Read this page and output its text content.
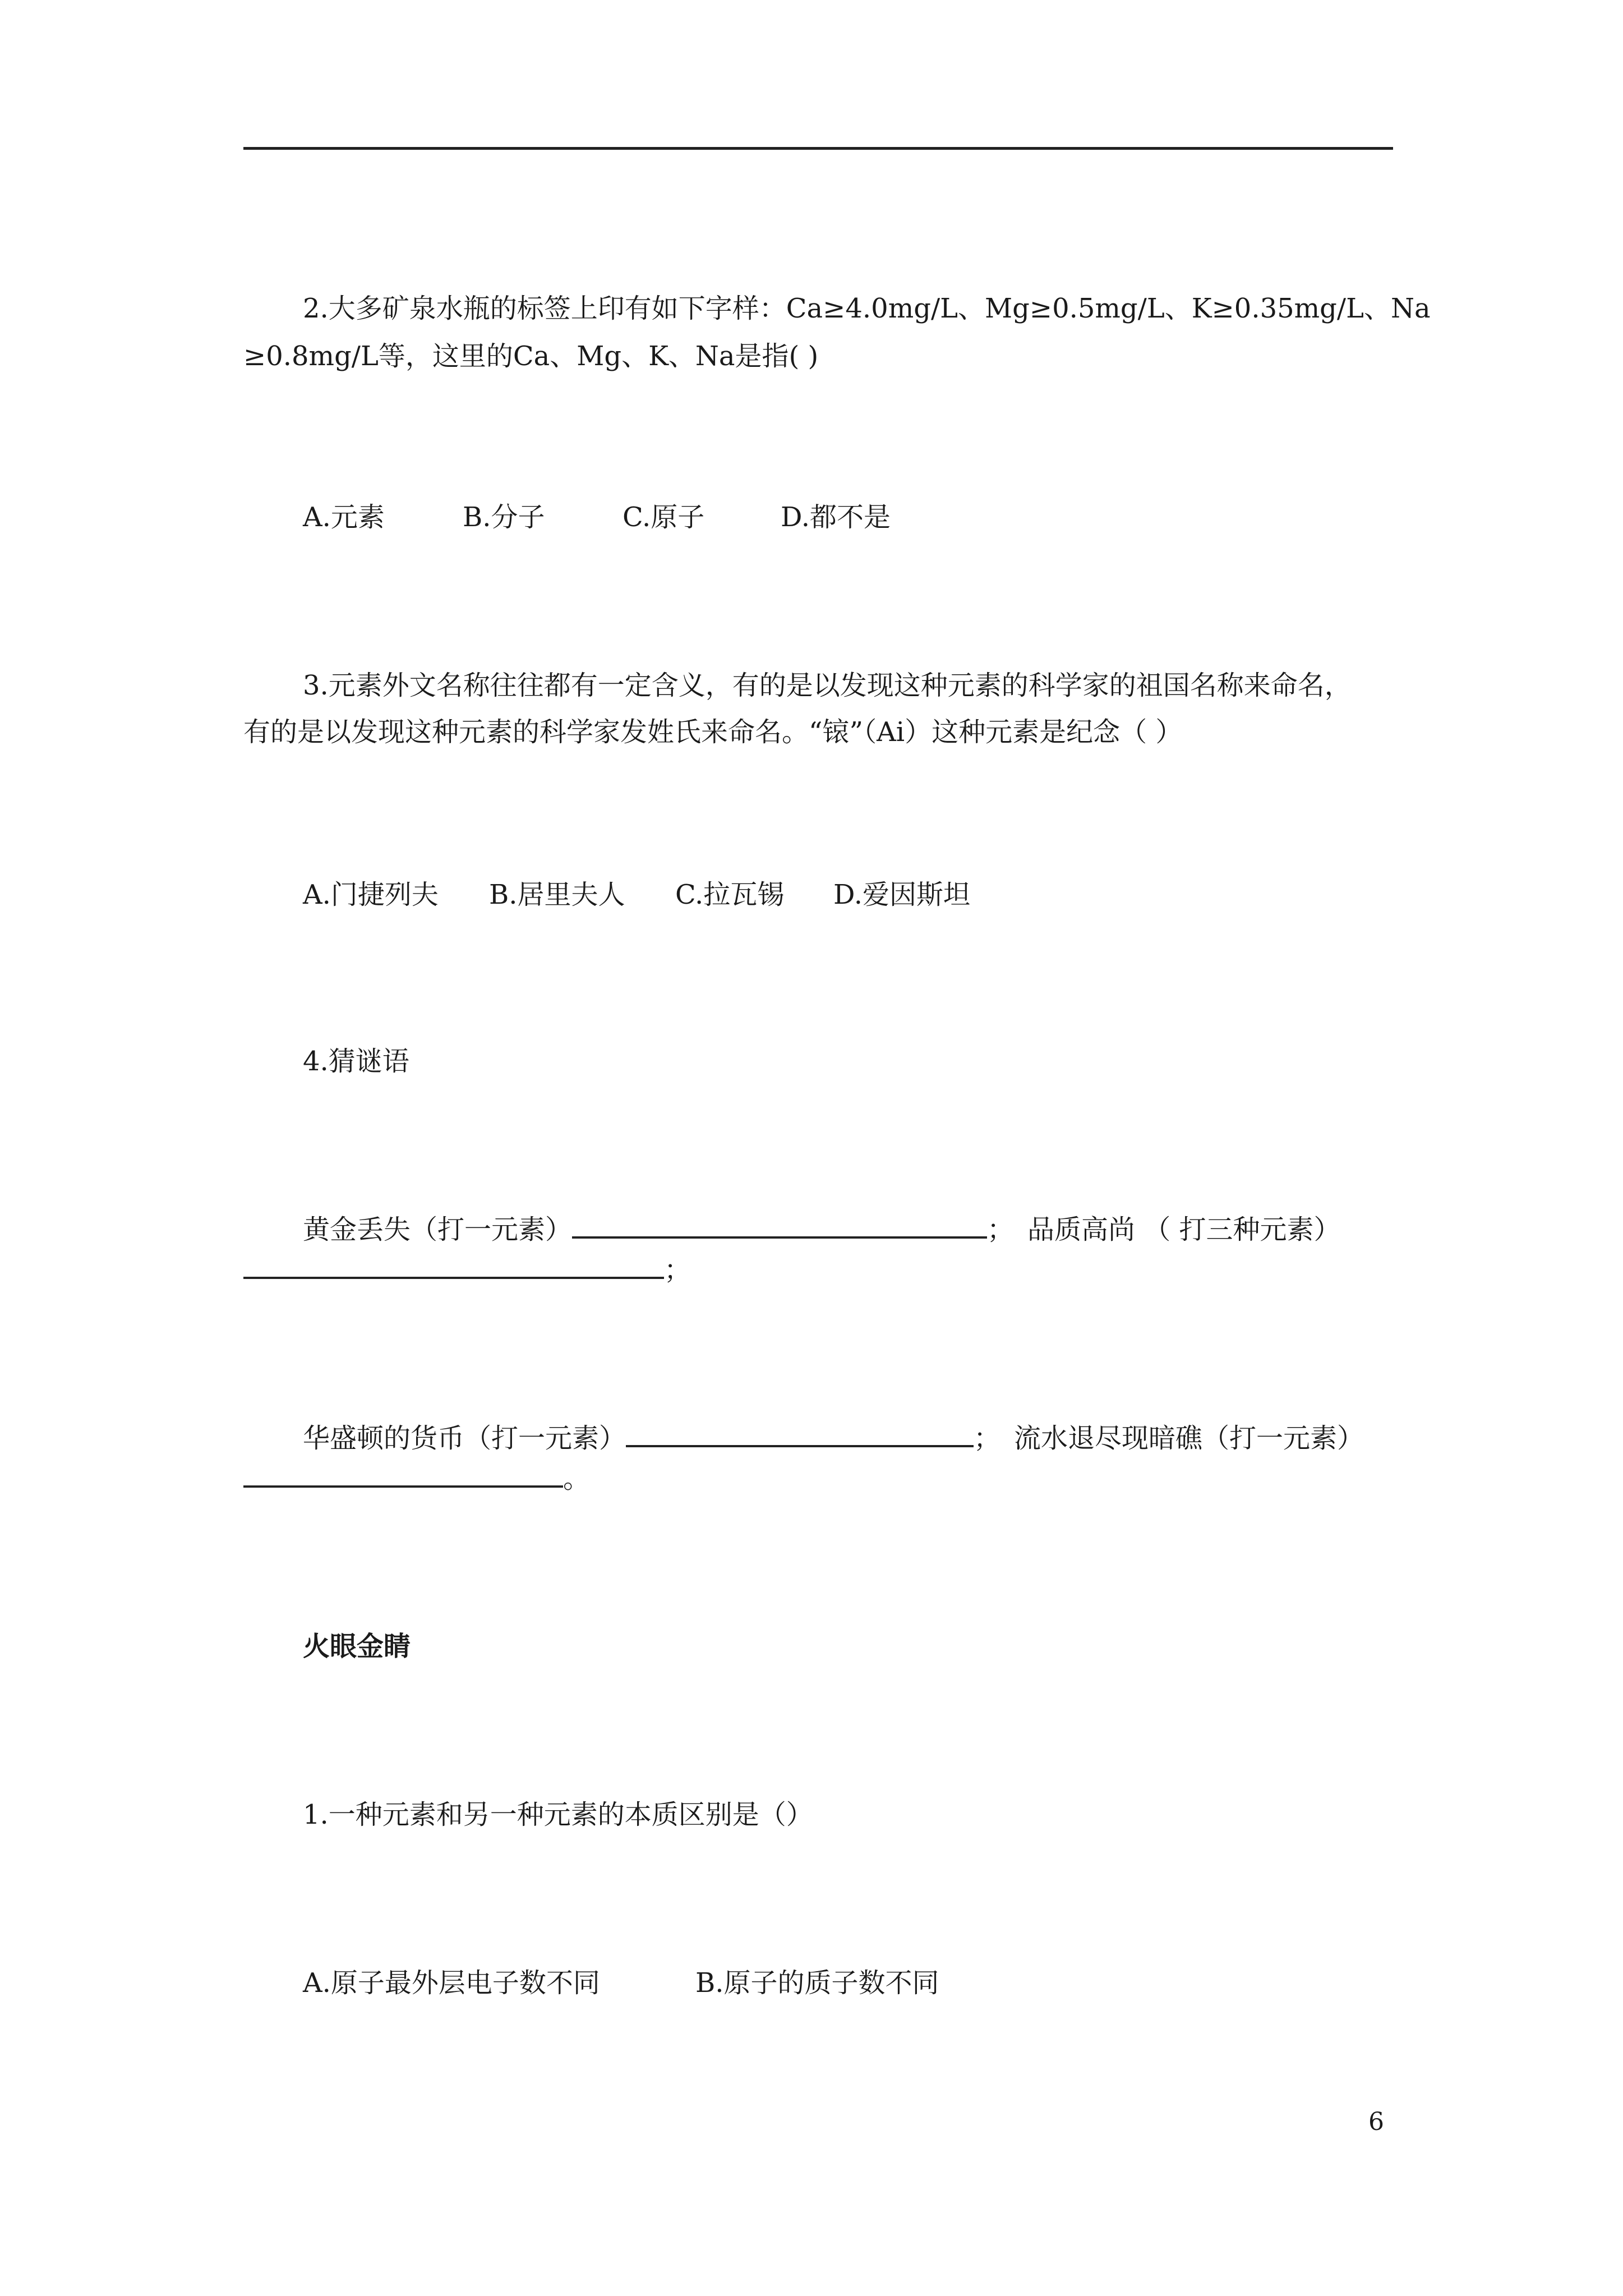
2.大多矿泉水瓶的标签上印有如下字样：Ca≥4.0mg/L、Mg≥0.5mg/L、K≥0.35mg/L、Na
≥0.8mg/L等，这里的Ca、Mg、K、Na是指( )
A.元素	B.分子	C.原子	D.都不是
3.元素外文名称往往都有一定含义，有的是以发现这种元素的科学家的祖国名称来命名，
有的是以发现这种元素的科学家发姓氏来命名。“锿”（Ai）这种元素是纪念（ ）
A.门捷列夫 B.居里夫人 C.拉瓦锡 D.爱因斯坦
4.猜谜语
黄金丢失（打一元素）	； 品质高尚 （ 打三种元素）
；
华盛顿的货币（打一元素）	； 流水退尽现暗礁（打一元素）
。
火眼金睛
1.一种元素和另一种元素的本质区别是（）
A.原子最外层电子数不同	B.原子的质子数不同
6
